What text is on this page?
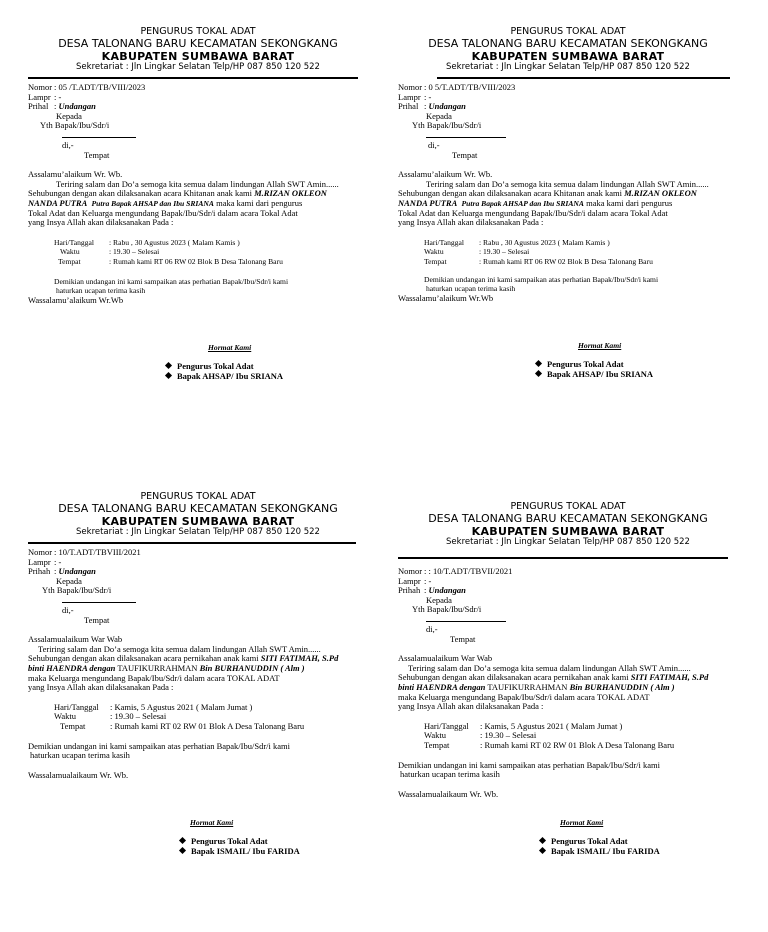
PENGURUS TOKAL ADAT
DESA TALONANG BARU KECAMATAN SEKONGKANG
KABUPATEN SUMBAWA BARAT
Sekretariat : Jln Lingkar Selatan Telp/HP 087 850 120 522
Nomor : 05 /T.ADT/TB/VIII/2023
Lampr : -
Prihal : Undangan
Kepada
Yth Bapak/Ibu/Sdr/i
di,-
Tempat
Assalamu’alaikum Wr. Wb.
Teriring salam dan Do’a semoga kita semua dalam lindungan Allah SWT Amin......
Sehubungan dengan akan dilaksanakan acara Khitanan anak kami M.RIZAN OKLEON
NANDA PUTRA Putra Bapak AHSAP dan Ibu SRIANA maka kami dari pengurus
Tokal Adat dan Keluarga mengundang Bapak/Ibu/Sdr/i dalam acara Tokal Adat
yang Insya Allah akan dilaksanakan Pada :
Hari/Tanggal : Rabu , 30 Agustus 2023 ( Malam Kamis )
Waktu	: 19.30 – Selesai
Tempat	: Rumah kami RT 06 RW 02 Blok B Desa Talonang Baru
Demikian undangan ini kami sampaikan atas perhatian Bapak/Ibu/Sdr/i kami
haturkan ucapan terima kasih
Wassalamu’alaikum Wr.Wb
Hormat Kami
Pengurus Tokal Adat
Bapak AHSAP/ Ibu SRIANA
PENGURUS TOKAL ADAT
DESA TALONANG BARU KECAMATAN SEKONGKANG
KABUPATEN SUMBAWA BARAT
Sekretariat : Jln Lingkar Selatan Telp/HP 087 850 120 522
Nomor : 0 5/T.ADT/TB/VIII/2023
Lampr : -
Prihal : Undangan
Kepada
Yth Bapak/Ibu/Sdr/i
di,-
Tempat
Assalamu’alaikum Wr. Wb.
Teriring salam dan Do’a semoga kita semua dalam lindungan Allah SWT Amin......
Sehubungan dengan akan dilaksanakan acara Khitanan anak kami M.RIZAN OKLEON
NANDA PUTRA Putra Bapak AHSAP dan Ibu SRIANA maka kami dari pengurus
Tokal Adat dan Keluarga mengundang Bapak/Ibu/Sdr/i dalam acara Tokal Adat
yang Insya Allah akan dilaksanakan Pada :
Hari/Tanggal : Rabu , 30 Agustus 2023 ( Malam Kamis )
Waktu	: 19.30 – Selesai
Tempat	: Rumah kami RT 06 RW 02 Blok B Desa Talonang Baru
Demikian undangan ini kami sampaikan atas perhatian Bapak/Ibu/Sdr/i kami
haturkan ucapan terima kasih
Wassalamu’alaikum Wr.Wb
Hormat Kami
Pengurus Tokal Adat
Bapak AHSAP/ Ibu SRIANA
PENGURUS TOKAL ADAT
DESA TALONANG BARU KECAMATAN SEKONGKANG
KABUPATEN SUMBAWA BARAT
Sekretariat : Jln Lingkar Selatan Telp/HP 087 850 120 522
Nomor : 10/T.ADT/TBVIII/2021
Lampr : -
Prihah : Undangan
Kepada
Yth Bapak/Ibu/Sdr/i
di,-
Tempat
Assalamualaikum War Wab
Teriring salam dan Do’a semoga kita semua dalam lindungan Allah SWT Amin......
Sehubungan dengan akan dilaksanakan acara pernikahan anak kami SITI FATIMAH, S.Pd
binti HAENDRA dengan TAUFIKURRAHMAN Bin BURHANUDDIN ( Alm )
maka Keluarga mengundang Bapak/Ibu/Sdr/i dalam acara TOKAL ADAT
yang Insya Allah akan dilaksanakan Pada :
Hari/Tanggal : Kamis, 5 Agustus 2021 ( Malam Jumat )
Waktu	: 19.30 – Selesai
Tempat	: Rumah kami RT 02 RW 01 Blok A Desa Talonang Baru
Demikian undangan ini kami sampaikan atas perhatian Bapak/Ibu/Sdr/i kami
haturkan ucapan terima kasih
Wassalamualaikaum Wr. Wb.
Hormat Kami
Pengurus Tokal Adat
Bapak ISMAIL/ Ibu FARIDA
PENGURUS TOKAL ADAT
DESA TALONANG BARU KECAMATAN SEKONGKANG
KABUPATEN SUMBAWA BARAT
Sekretariat : Jln Lingkar Selatan Telp/HP 087 850 120 522
Nomor : : 10/T.ADT/TBVII/2021
Lampr : -
Prihah : Undangan
Kepada
Yth Bapak/Ibu/Sdr/i
di,-
Tempat
Assalamualaikum War Wab
Teriring salam dan Do’a semoga kita semua dalam lindungan Allah SWT Amin......
Sehubungan dengan akan dilaksanakan acara pernikahan anak kami SITI FATIMAH, S.Pd
binti HAENDRA dengan TAUFIKURRAHMAN Bin BURHANUDDIN ( Alm )
maka Keluarga mengundang Bapak/Ibu/Sdr/i dalam acara TOKAL ADAT
yang Insya Allah akan dilaksanakan Pada :
Hari/Tanggal : Kamis, 5 Agustus 2021 ( Malam Jumat )
Waktu	: 19.30 – Selesai
Tempat	: Rumah kami RT 02 RW 01 Blok A Desa Talonang Baru
Demikian undangan ini kami sampaikan atas perhatian Bapak/Ibu/Sdr/i kami
haturkan ucapan terima kasih
Wassalamualaikaum Wr. Wb.
Hormat Kami
Pengurus Tokal Adat
Bapak ISMAIL/ Ibu FARIDA
